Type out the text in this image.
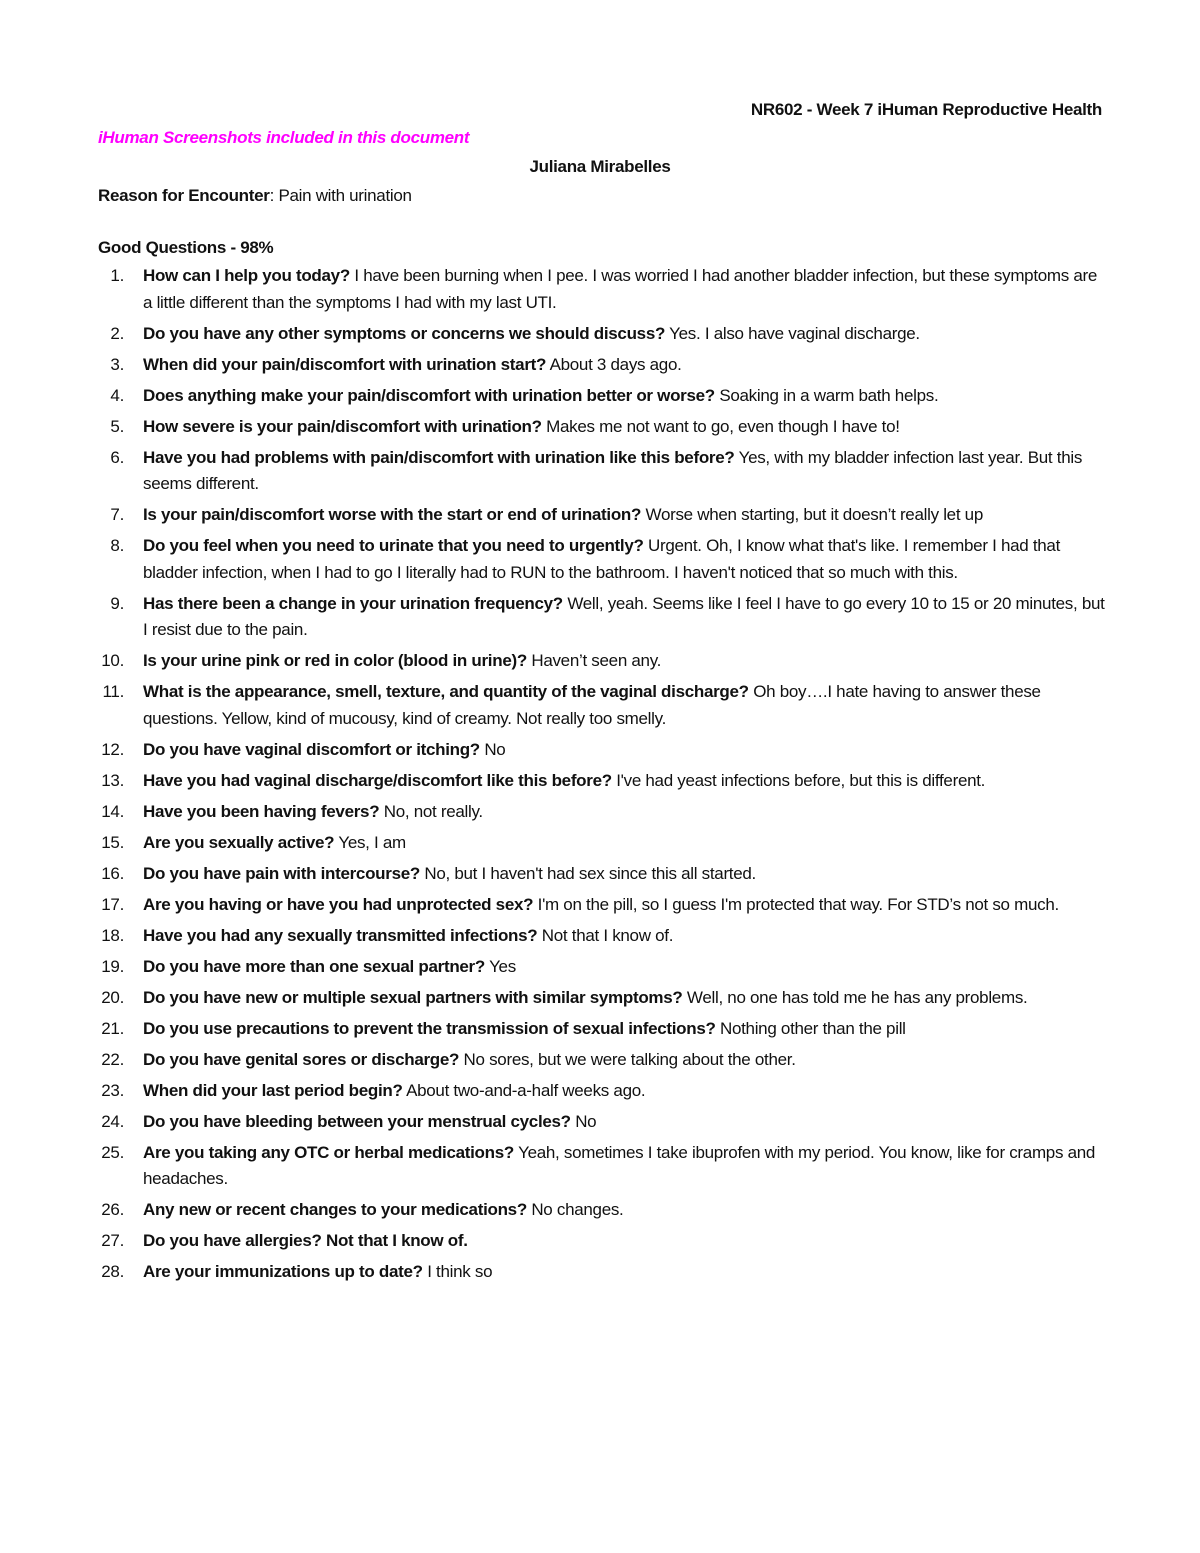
NR602 - Week 7 iHuman Reproductive Health
iHuman Screenshots included in this document
Juliana Mirabelles
Reason for Encounter: Pain with urination
Good Questions - 98%
1. How can I help you today? I have been burning when I pee. I was worried I had another bladder infection, but these symptoms are a little different than the symptoms I had with my last UTI.
2. Do you have any other symptoms or concerns we should discuss? Yes. I also have vaginal discharge.
3. When did your pain/discomfort with urination start? About 3 days ago.
4. Does anything make your pain/discomfort with urination better or worse? Soaking in a warm bath helps.
5. How severe is your pain/discomfort with urination? Makes me not want to go, even though I have to!
6. Have you had problems with pain/discomfort with urination like this before? Yes, with my bladder infection last year. But this seems different.
7. Is your pain/discomfort worse with the start or end of urination? Worse when starting, but it doesn’t really let up
8. Do you feel when you need to urinate that you need to urgently? Urgent. Oh, I know what that's like. I remember I had that bladder infection, when I had to go I literally had to RUN to the bathroom. I haven't noticed that so much with this.
9. Has there been a change in your urination frequency? Well, yeah. Seems like I feel I have to go every 10 to 15 or 20 minutes, but I resist due to the pain.
10. Is your urine pink or red in color (blood in urine)? Haven’t seen any.
11. What is the appearance, smell, texture, and quantity of the vaginal discharge? Oh boy….I hate having to answer these questions. Yellow, kind of mucousy, kind of creamy. Not really too smelly.
12. Do you have vaginal discomfort or itching? No
13. Have you had vaginal discharge/discomfort like this before? I've had yeast infections before, but this is different.
14. Have you been having fevers? No, not really.
15. Are you sexually active? Yes, I am
16. Do you have pain with intercourse? No, but I haven't had sex since this all started.
17. Are you having or have you had unprotected sex? I'm on the pill, so I guess I'm protected that way. For STD’s not so much.
18. Have you had any sexually transmitted infections? Not that I know of.
19. Do you have more than one sexual partner? Yes
20. Do you have new or multiple sexual partners with similar symptoms? Well, no one has told me he has any problems.
21. Do you use precautions to prevent the transmission of sexual infections? Nothing other than the pill
22. Do you have genital sores or discharge? No sores, but we were talking about the other.
23. When did your last period begin? About two-and-a-half weeks ago.
24. Do you have bleeding between your menstrual cycles? No
25. Are you taking any OTC or herbal medications? Yeah, sometimes I take ibuprofen with my period. You know, like for cramps and headaches.
26. Any new or recent changes to your medications? No changes.
27. Do you have allergies? Not that I know of.
28. Are your immunizations up to date? I think so
